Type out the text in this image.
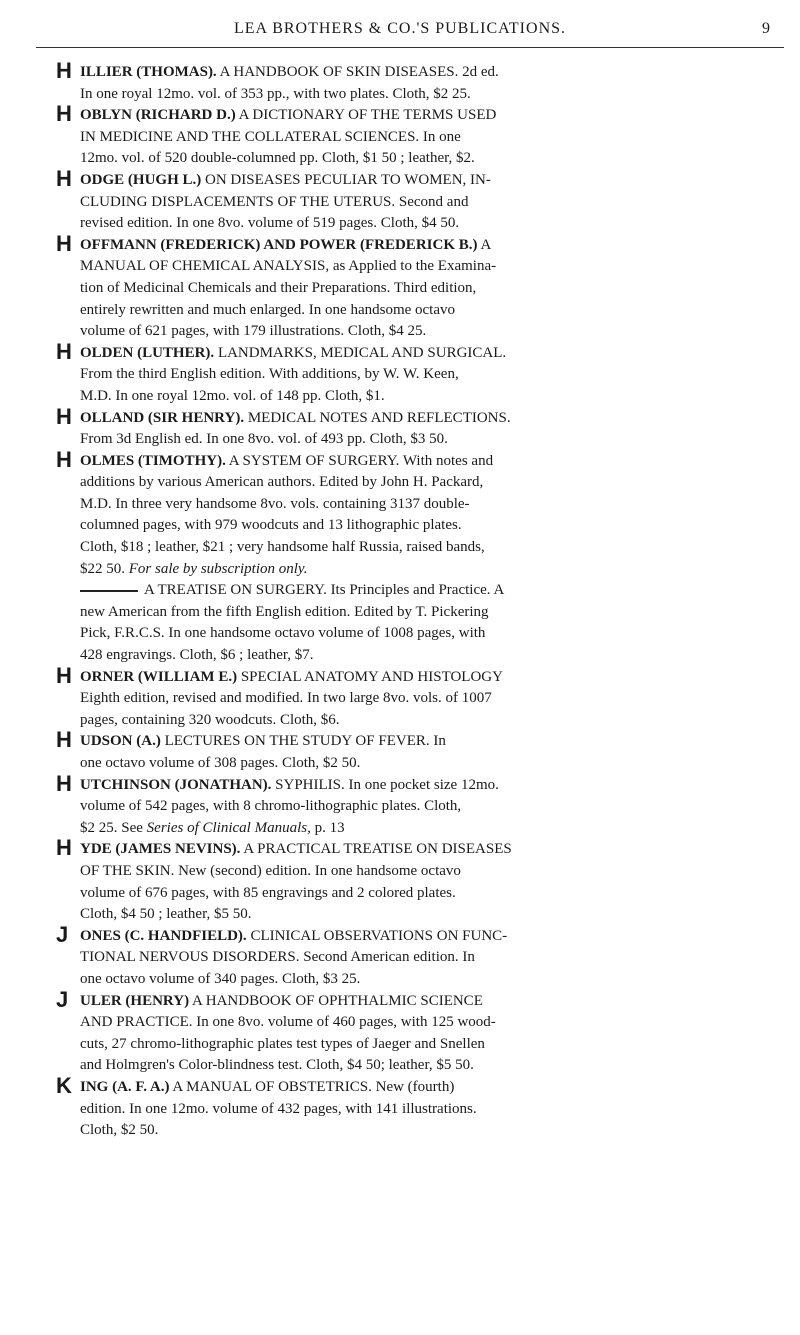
LEA BROTHERS & CO.'S PUBLICATIONS.	9
H ILLIER (THOMAS). A HANDBOOK OF SKIN DISEASES. 2d ed.
In one royal 12mo. vol. of 353 pp., with two plates. Cloth, $2 25.
H OBLYN (RICHARD D.) A DICTIONARY OF THE TERMS USED
IN MEDICINE AND THE COLLATERAL SCIENCES. In one
12mo. vol. of 520 double-columned pp. Cloth, $1 50 ; leather, $2.
H ODGE (HUGH L.) ON DISEASES PECULIAR TO WOMEN, IN-
CLUDING DISPLACEMENTS OF THE UTERUS. Second and
revised edition. In one 8vo. volume of 519 pages. Cloth, $4 50.
H OFFMANN (FREDERICK) AND POWER (FREDERICK B.) A
MANUAL OF CHEMICAL ANALYSIS, as Applied to the Examina-
tion of Medicinal Chemicals and their Preparations. Third edition,
entirely rewritten and much enlarged. In one handsome octavo
volume of 621 pages, with 179 illustrations. Cloth, $4 25.
H OLDEN (LUTHER). LANDMARKS, MEDICAL AND SURGICAL.
From the third English edition. With additions, by W. W. Keen,
M.D. In one royal 12mo. vol. of 148 pp. Cloth, $1.
H OLLAND (SIR HENRY). MEDICAL NOTES AND REFLECTIONS.
From 3d English ed. In one 8vo. vol. of 493 pp. Cloth, $3 50.
H OLMES (TIMOTHY). A SYSTEM OF SURGERY. With notes and
additions by various American authors. Edited by John H. Packard,
M.D. In three very handsome 8vo. vols. containing 3137 double-
columned pages, with 979 woodcuts and 13 lithographic plates.
Cloth, $18 ; leather, $21 ; very handsome half Russia, raised bands,
$22 50. For sale by subscription only.
A TREATISE ON SURGERY. Its Principles and Practice. A
new American from the fifth English edition. Edited by T. Pickering
Pick, F.R.C.S. In one handsome octavo volume of 1008 pages, with
428 engravings. Cloth, $6 ; leather, $7.
H ORNER (WILLIAM E.) SPECIAL ANATOMY AND HISTOLOGY
Eighth edition, revised and modified. In two large 8vo. vols. of 1007
pages, containing 320 woodcuts. Cloth, $6.
H UDSON (A.) LECTURES ON THE STUDY OF FEVER. In
one octavo volume of 308 pages. Cloth, $2 50.
H UTCHINSON (JONATHAN). SYPHILIS. In one pocket size 12mo.
volume of 542 pages, with 8 chromo-lithographic plates. Cloth,
$2 25. See Series of Clinical Manuals, p. 13
H YDE (JAMES NEVINS). A PRACTICAL TREATISE ON DISEASES
OF THE SKIN. New (second) edition. In one handsome octavo
volume of 676 pages, with 85 engravings and 2 colored plates.
Cloth, $4 50 ; leather, $5 50.
J ONES (C. HANDFIELD). CLINICAL OBSERVATIONS ON FUNC-
TIONAL NERVOUS DISORDERS. Second American edition. In
one octavo volume of 340 pages. Cloth, $3 25.
J ULER (HENRY) A HANDBOOK OF OPHTHALMIC SCIENCE
AND PRACTICE. In one 8vo. volume of 460 pages, with 125 wood-
cuts, 27 chromo-lithographic plates test types of Jaeger and Snellen
and Holmgren's Color-blindness test. Cloth, $4 50; leather, $5 50.
K ING (A. F. A.) A MANUAL OF OBSTETRICS. New (fourth)
edition. In one 12mo. volume of 432 pages, with 141 illustrations.
Cloth, $2 50.
